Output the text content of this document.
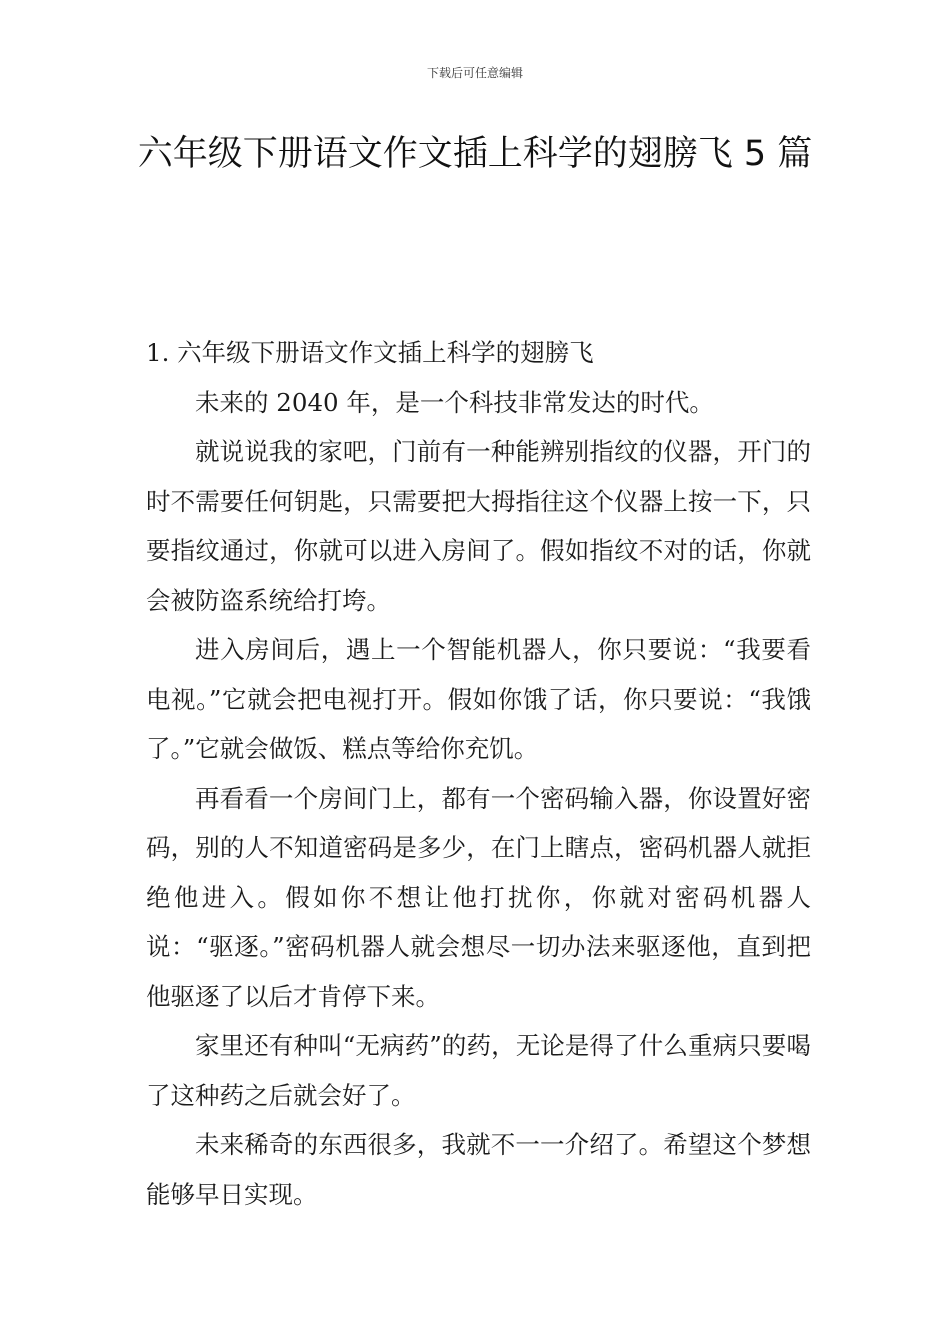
下载后可任意编辑
六年级下册语文作文插上科学的翅膀飞 5 篇
1. 六年级下册语文作文插上科学的翅膀飞

未来的 2040 年，是一个科技非常发达的时代。

就说说我的家吧，门前有一种能辨别指纹的仪器，开门的时不需要任何钥匙，只需要把大拇指往这个仪器上按一下，只要指纹通过，你就可以进入房间了。假如指纹不对的话，你就会被防盗系统给打垮。

进入房间后，遇上一个智能机器人，你只要说：“我要看电视。”它就会把电视打开。假如你饿了话，你只要说：“我饿了。”它就会做饭、糕点等给你充饥。

再看看一个房间门上，都有一个密码输入器，你设置好密码，别的人不知道密码是多少，在门上瞎点，密码机器人就拒绝他进入。假如你不想让他打扰你，你就对密码机器人说：“驱逐。”密码机器人就会想尽一切办法来驱逐他，直到把他驱逐了以后才肯停下来。

家里还有种叫“无病药”的药，无论是得了什么重病只要喝了这种药之后就会好了。

未来稀奇的东西很多，我就不一一介绍了。希望这个梦想能够早日实现。
